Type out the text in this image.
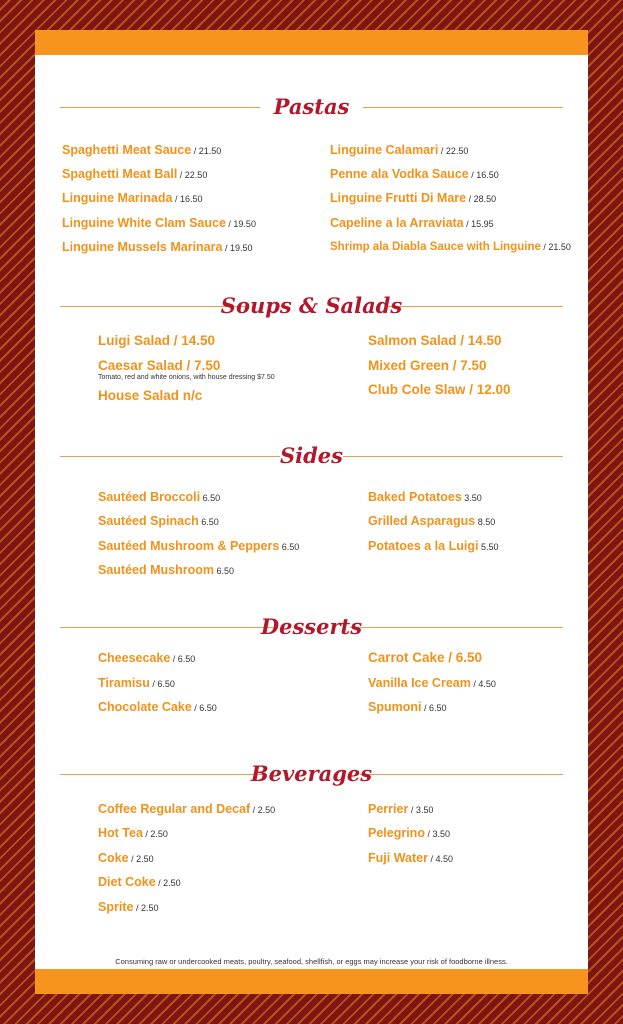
Pastas
Spaghetti Meat Sauce / 21.50
Spaghetti Meat Ball / 22.50
Linguine Marinada / 16.50
Linguine White Clam Sauce / 19.50
Linguine Mussels Marinara / 19.50
Linguine Calamari / 22.50
Penne ala Vodka Sauce / 16.50
Linguine Frutti Di Mare / 28.50
Capeline a la Arraviata / 15.95
Shrimp ala Diabla Sauce with Linguine / 21.50
Soups & Salads
Luigi Salad / 14.50
Caesar Salad / 7.50
Tomato, red and white onions, with house dressing $7.50
House Salad n/c
Salmon Salad / 14.50
Mixed Green / 7.50
Club Cole Slaw / 12.00
Sides
Sautéed Broccoli 6.50
Sautéed Spinach 6.50
Sautéed Mushroom & Peppers 6.50
Sautéed Mushroom 6.50
Baked Potatoes 3.50
Grilled Asparagus 8.50
Potatoes a la Luigi 5.50
Desserts
Cheesecake / 6.50
Tiramisu / 6.50
Chocolate Cake / 6.50
Carrot Cake / 6.50
Vanilla Ice Cream / 4.50
Spumoni / 6.50
Beverages
Coffee Regular and Decaf / 2.50
Hot Tea / 2.50
Coke / 2.50
Diet Coke / 2.50
Sprite / 2.50
Perrier / 3.50
Pelegrino / 3.50
Fuji Water / 4.50
Consuming raw or undercooked meats, poultry, seafood, shellfish, or eggs may increase your risk of foodborne illness.
